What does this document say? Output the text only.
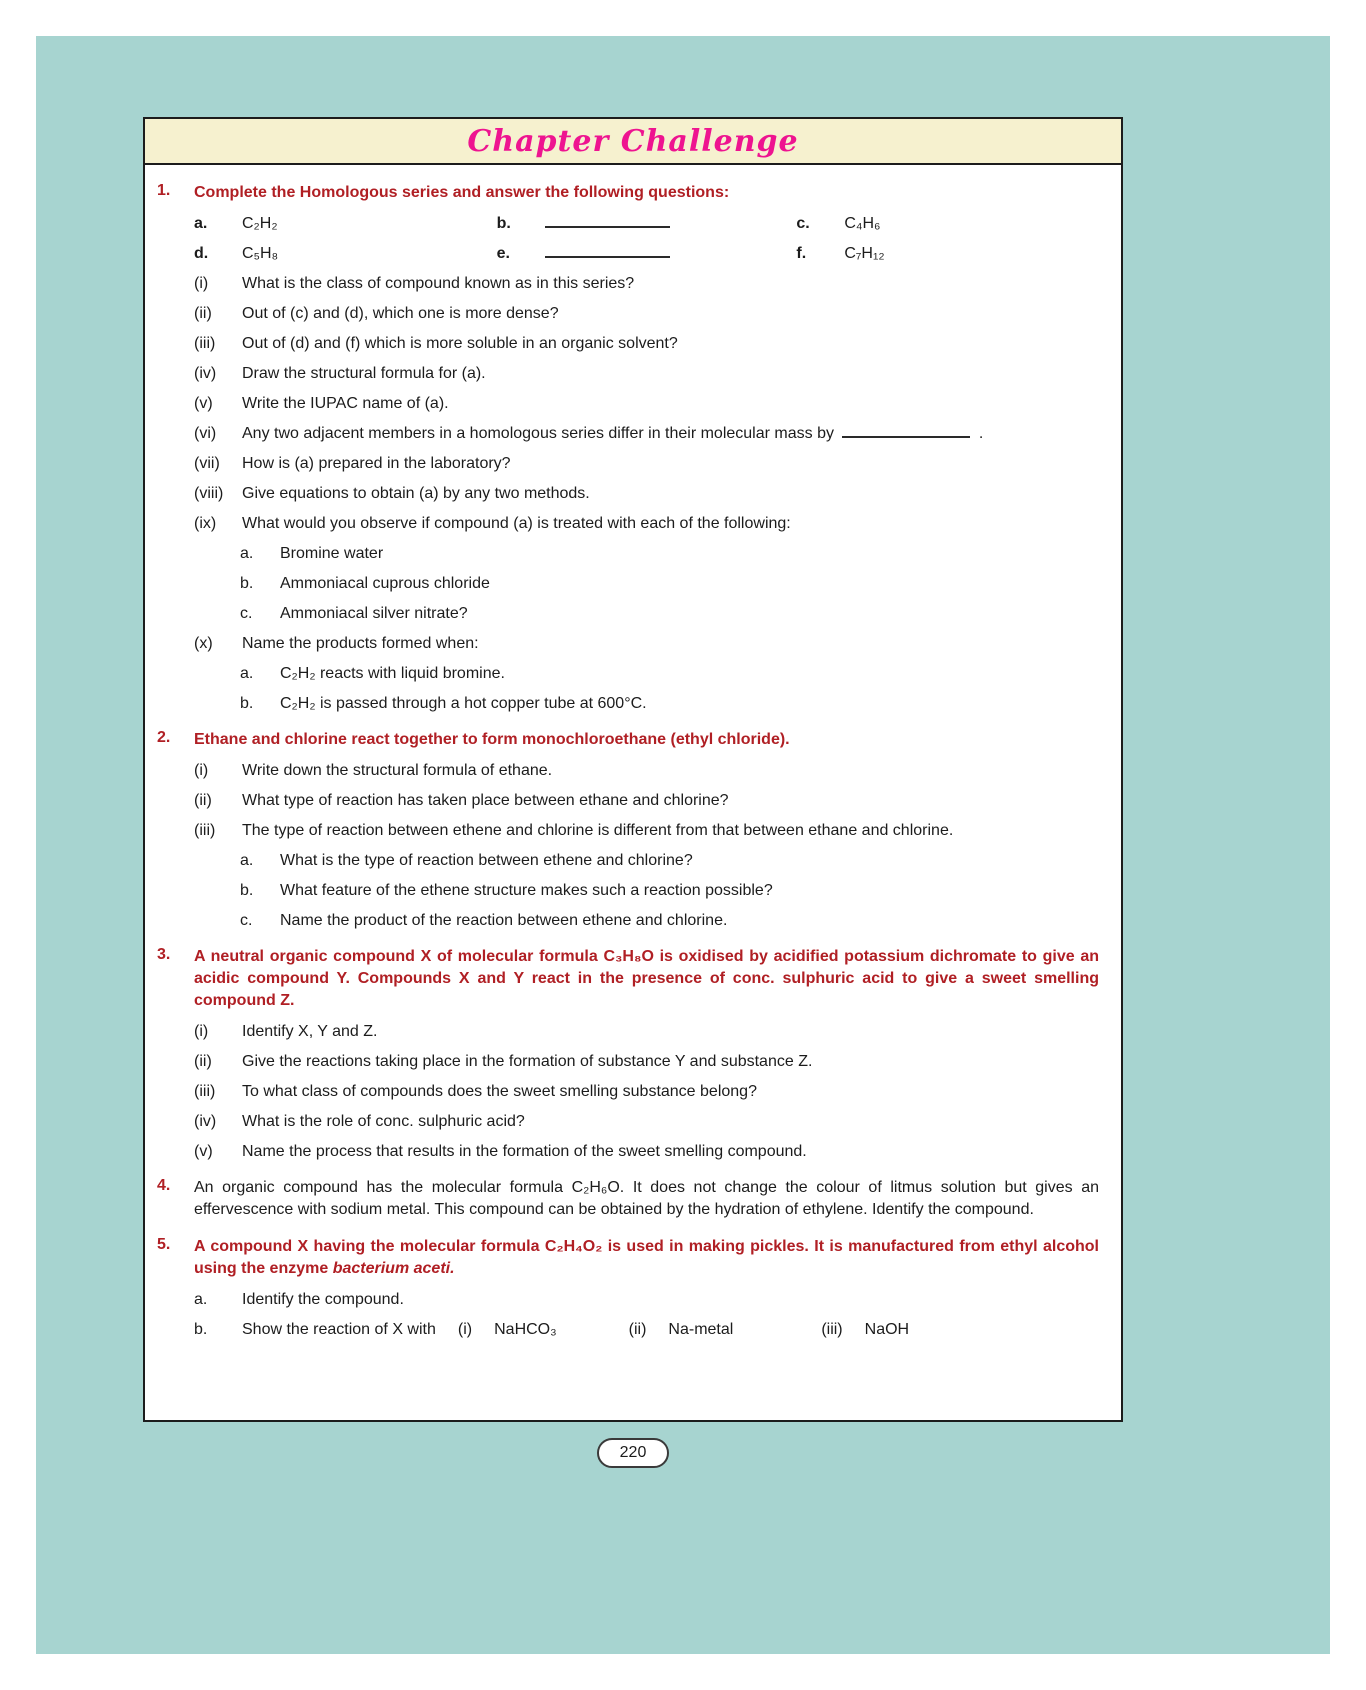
Chapter Challenge
1.	Complete the Homologous series and answer the following questions:

a.	C₂H₂	b.	c.	C₄H₆
d.	C₅H₈	e.	f.	C₇H₁₂
(i)	What is the class of compound known as in this series?
(ii)	Out of (c) and (d), which one is more dense?
(iii)	Out of (d) and (f) which is more soluble in an organic solvent?
(iv)	Draw the structural formula for (a).
(v)	Write the IUPAC name of (a).
(vi)	Any two adjacent members in a homologous series differ in their molecular mass by	.
(vii)	How is (a) prepared in the laboratory?
(viii)	Give equations to obtain (a) by any two methods.
(ix)	What would you observe if compound (a) is treated with each of the following:
a.	Bromine water
b.	Ammoniacal cuprous chloride
c.	Ammoniacal silver nitrate?
(x)	Name the products formed when:
a.	C₂H₂ reacts with liquid bromine.
b.	C₂H₂ is passed through a hot copper tube at 600°C.
2.	Ethane and chlorine react together to form monochloroethane (ethyl chloride).

(i)	Write down the structural formula of ethane.
(ii)	What type of reaction has taken place between ethane and chlorine?
(iii)	The type of reaction between ethene and chlorine is different from that between ethane and chlorine.
a.	What is the type of reaction between ethene and chlorine?
b.	What feature of the ethene structure makes such a reaction possible?
c.	Name the product of the reaction between ethene and chlorine.
3.	A neutral organic compound X of molecular formula C₃H₈O is oxidised by acidified potassium dichromate to give an acidic compound Y. Compounds X and Y react in the presence of conc. sulphuric acid to give a sweet smelling compound Z.

(i)	Identify X, Y and Z.
(ii)	Give the reactions taking place in the formation of substance Y and substance Z.
(iii)	To what class of compounds does the sweet smelling substance belong?
(iv)	What is the role of conc. sulphuric acid?
(v)	Name the process that results in the formation of the sweet smelling compound.
4.	An organic compound has the molecular formula C₂H₆O. It does not change the colour of litmus solution but gives an effervescence with sodium metal. This compound can be obtained by the hydration of ethylene. Identify the compound.

5.	A compound X having the molecular formula C₂H₄O₂ is used in making pickles. It is manufactured from ethyl alcohol using the enzyme bacterium aceti.

a.	Identify the compound.
b.	Show the reaction of X with (i) NaHCO₃	(ii) Na-metal	(iii) NaOH
220
